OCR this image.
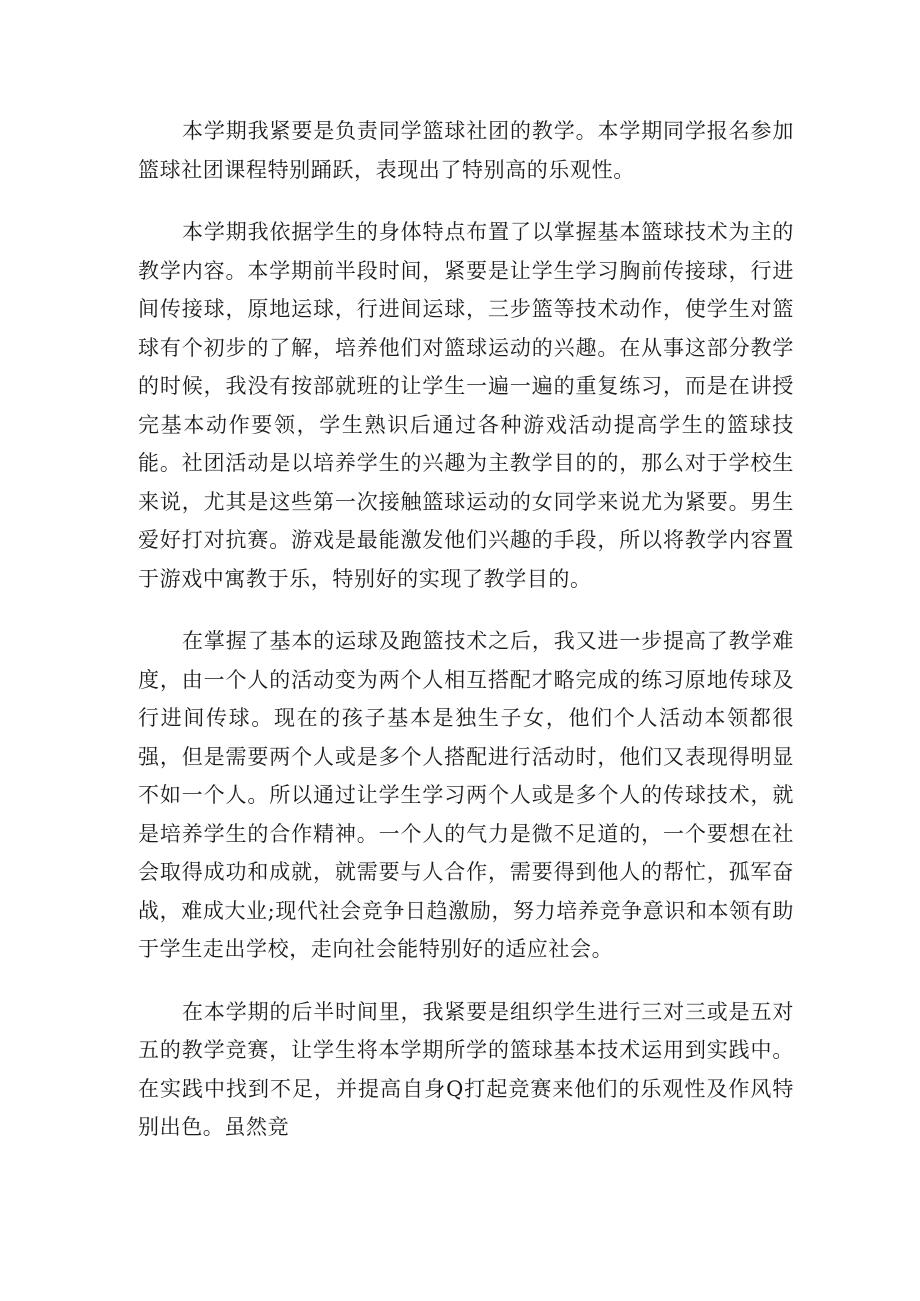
本学期我紧要是负责同学篮球社团的教学。本学期同学报名参加篮球社团课程特别踊跃，表现出了特别高的乐观性。

本学期我依据学生的身体特点布置了以掌握基本篮球技术为主的教学内容。本学期前半段时间，紧要是让学生学习胸前传接球，行进间传接球，原地运球，行进间运球，三步篮等技术动作，使学生对篮球有个初步的了解，培养他们对篮球运动的兴趣。在从事这部分教学的时候，我没有按部就班的让学生一遍一遍的重复练习，而是在讲授完基本动作要领，学生熟识后通过各种游戏活动提高学生的篮球技能。社团活动是以培养学生的兴趣为主教学目的的，那么对于学校生来说，尤其是这些第一次接触篮球运动的女同学来说尤为紧要。男生爱好打对抗赛。游戏是最能激发他们兴趣的手段，所以将教学内容置于游戏中寓教于乐，特别好的实现了教学目的。

在掌握了基本的运球及跑篮技术之后，我又进一步提高了教学难度，由一个人的活动变为两个人相互搭配才略完成的练习原地传球及行进间传球。现在的孩子基本是独生子女，他们个人活动本领都很强，但是需要两个人或是多个人搭配进行活动时，他们又表现得明显不如一个人。所以通过让学生学习两个人或是多个人的传球技术，就是培养学生的合作精神。一个人的气力是微不足道的，一个要想在社会取得成功和成就，就需要与人合作，需要得到他人的帮忙，孤军奋战，难成大业;现代社会竞争日趋激励，努力培养竞争意识和本领有助于学生走出学校，走向社会能特别好的适应社会。

在本学期的后半时间里，我紧要是组织学生进行三对三或是五对五的教学竞赛，让学生将本学期所学的篮球基本技术运用到实践中。在实践中找到不足，并提高自身Q打起竞赛来他们的乐观性及作风特别出色。虽然竞
